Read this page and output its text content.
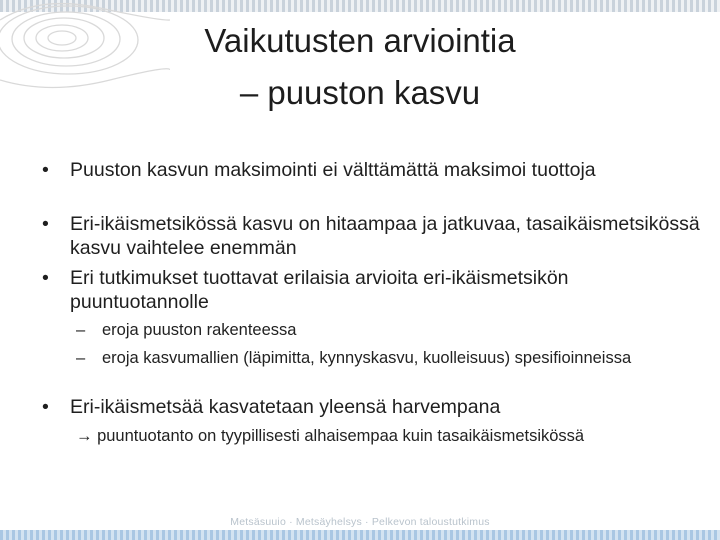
Vaikutusten arviointia
– puuston kasvu
• Puuston kasvun maksimointi ei välttämättä maksimoi tuottoja
• Eri-ikäismetsikössä kasvu on hitaampaa ja jatkuvaa, tasaikäismetsikössä kasvu vaihtelee enemmän
• Eri tutkimukset tuottavat erilaisia arvioita eri-ikäismetsikön puuntuotannolle
– eroja puuston rakenteessa
– eroja kasvumallien (läpimitta, kynnyskasvu, kuolleisuus) spesifioinneissa
• Eri-ikäismetsää kasvatetaan yleensä harvempana
→ puuntuotanto on tyypillisesti alhaisempaa kuin tasaikäismetsikössä
Metsäsuuio · Metsäyhelsys · Pelkevon taloustutkimus
